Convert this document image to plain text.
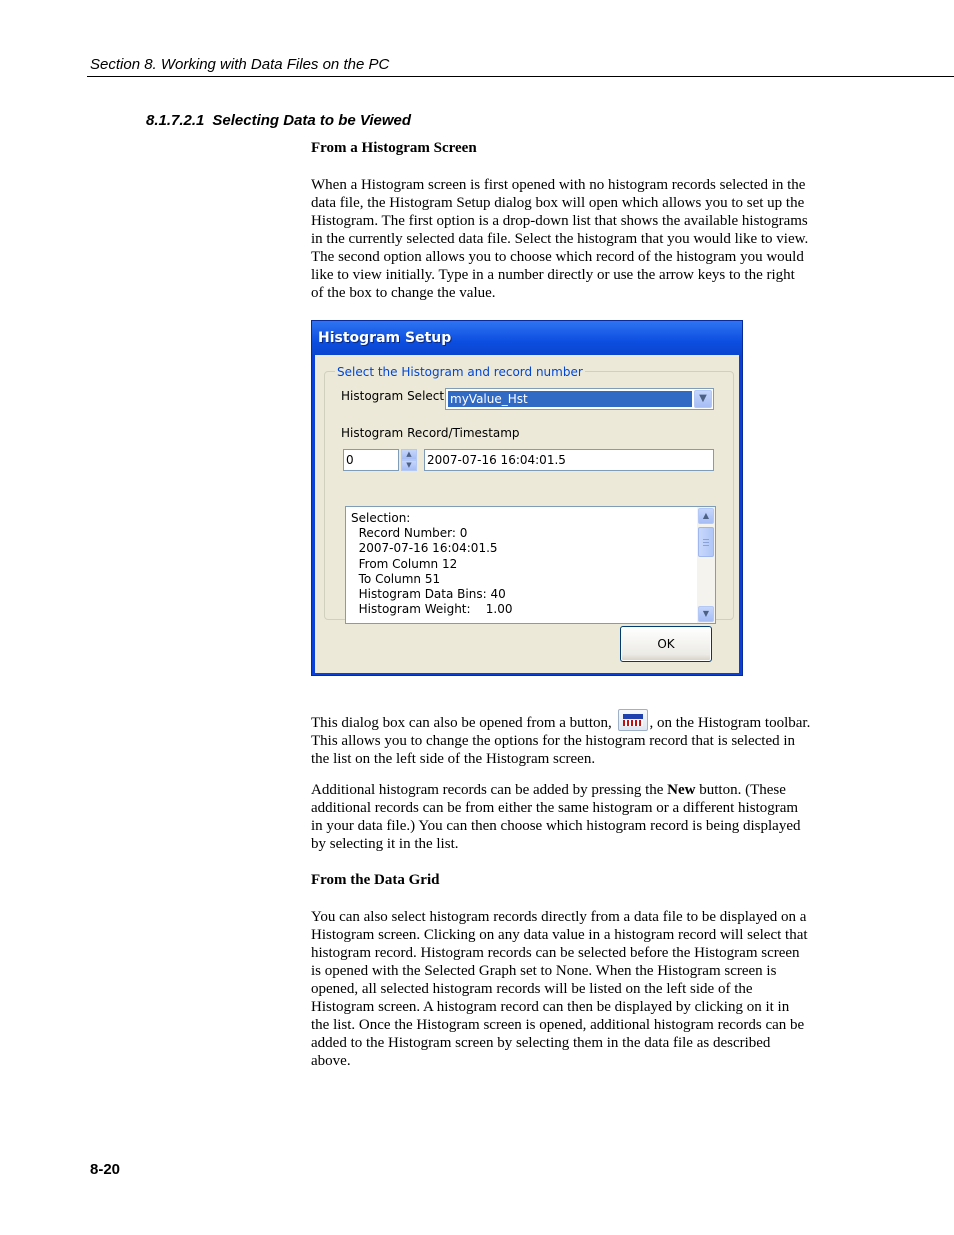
Section 8. Working with Data Files on the PC
8.1.7.2.1 Selecting Data to be Viewed
From a Histogram Screen
When a Histogram screen is first opened with no histogram records selected in the data file, the Histogram Setup dialog box will open which allows you to set up the Histogram. The first option is a drop-down list that shows the available histograms in the currently selected data file. Select the histogram that you would like to view. The second option allows you to choose which record of the histogram you would like to view initially. Type in a number directly or use the arrow keys to the right of the box to change the value.
Histogram Setup
Select the Histogram and record number
Histogram Select myValue_Hst	▼
Histogram Record/Timestamp
0	▲
▼	2007-07-16 16:04:01.5
Selection:
Record Number: 0
2007-07-16 16:04:01.5
From Column 12
To Column 51
Histogram Data Bins: 40
Histogram Weight:    1.00
▲
▼
OK
This dialog box can also be opened from a button,
, on the Histogram toolbar. This allows you to change the options for the histogram record that is selected in the list on the left side of the Histogram screen.
Additional histogram records can be added by pressing the New button. (These additional records can be from either the same histogram or a different histogram in your data file.) You can then choose which histogram record is being displayed by selecting it in the list.
From the Data Grid
You can also select histogram records directly from a data file to be displayed on a Histogram screen. Clicking on any data value in a histogram record will select that histogram record. Histogram records can be selected before the Histogram screen is opened with the Selected Graph set to None. When the Histogram screen is opened, all selected histogram records will be listed on the left side of the Histogram screen. A histogram record can then be displayed by clicking on it in the list. Once the Histogram screen is opened, additional histogram records can be added to the Histogram screen by selecting them in the data file as described above.
8-20
